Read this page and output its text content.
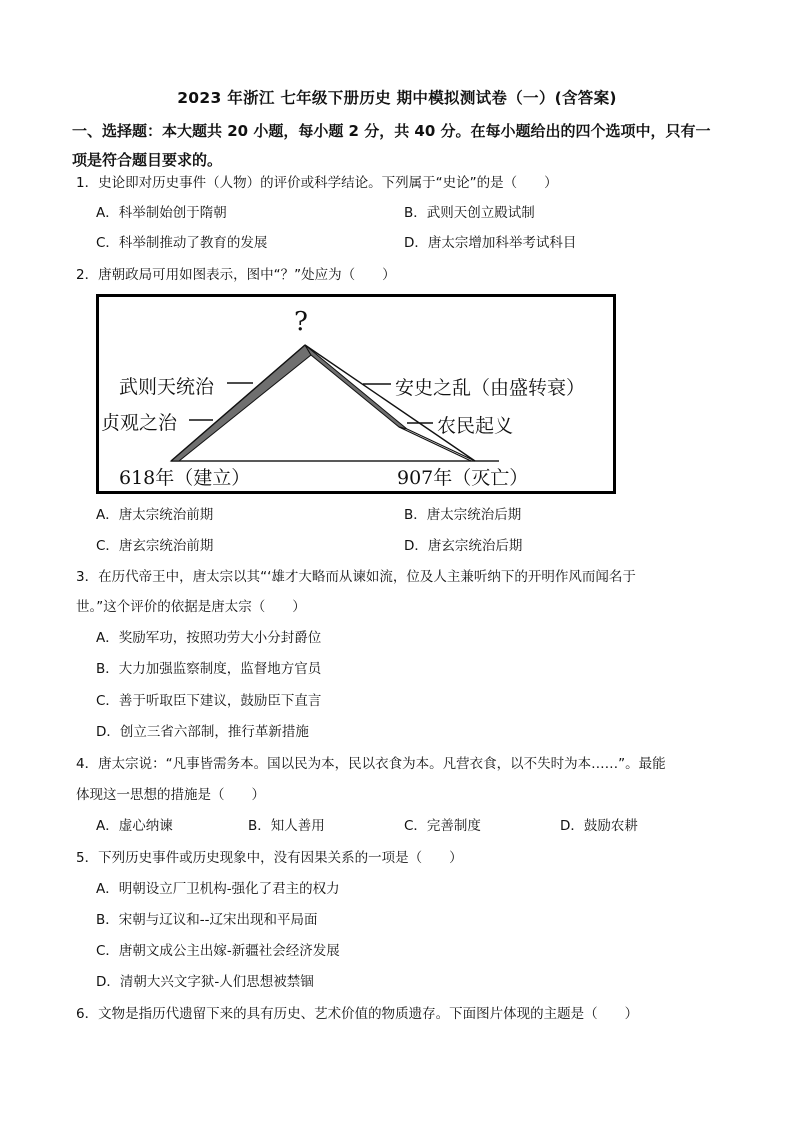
2023 年浙江 七年级下册历史 期中模拟测试卷（一）(含答案)
一、选择题：本大题共 20 小题，每小题 2 分，共 40 分。在每小题给出的四个选项中，只有一项是符合题目要求的。
1．史论即对历史事件（人物）的评价或科学结论。下列属于“史论”的是（　　）
A．科举制始创于隋朝	B．武则天创立殿试制
C．科举制推动了教育的发展	D．唐太宗增加科举考试科目
2．唐朝政局可用如图表示，图中“？”处应为（　　）
?
武则天统治
贞观之治
安史之乱（由盛转衰）
农民起义
618年（建立）	907年（灭亡）
A．唐太宗统治前期	B．唐太宗统治后期
C．唐玄宗统治前期	D．唐玄宗统治后期
3．在历代帝王中，唐太宗以其“‘雄才大略而从谏如流，位及人主兼听纳下的开明作风而闻名于
世。”这个评价的依据是唐太宗（　　）
A．奖励军功，按照功劳大小分封爵位
B．大力加强监察制度，监督地方官员
C．善于听取臣下建议，鼓励臣下直言
D．创立三省六部制，推行革新措施
4．唐太宗说：“凡事皆需务本。国以民为本，民以衣食为本。凡营衣食，以不失时为本……”。最能
体现这一思想的措施是（　　）
A．虚心纳谏	B．知人善用	C．完善制度	D．鼓励农耕
5．下列历史事件或历史现象中，没有因果关系的一项是（　　）
A．明朝设立厂卫机构-强化了君主的权力
B．宋朝与辽议和--辽宋出现和平局面
C．唐朝文成公主出嫁-新疆社会经济发展
D．清朝大兴文字狱-人们思想被禁锢
6．文物是指历代遗留下来的具有历史、艺术价值的物质遗存。下面图片体现的主题是（　　）
